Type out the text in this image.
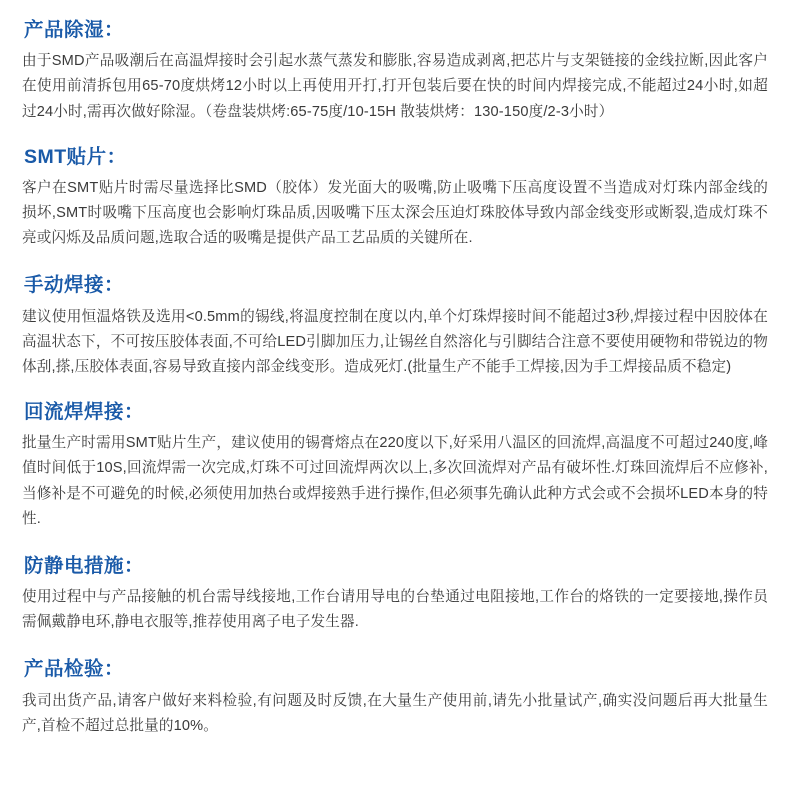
产品除湿：

由于SMD产品吸潮后在高温焊接时会引起水蒸气蒸发和膨胀,容易造成剥离,把芯片与支架链接的金线拉断,因此客户在使用前清拆包用65-70度烘烤12小时以上再使用开打,打开包装后要在快的时间内焊接完成,不能超过24小时,如超过24小时,需再次做好除湿。（卷盘装烘烤:65-75度/10-15H 散装烘烤：130-150度/2-3小时）

SMT贴片：

客户在SMT贴片时需尽量选择比SMD（胶体）发光面大的吸嘴,防止吸嘴下压高度设置不当造成对灯珠内部金线的损坏,SMT时吸嘴下压高度也会影响灯珠品质,因吸嘴下压太深会压迫灯珠胶体导致内部金线变形或断裂,造成灯珠不亮或闪烁及品质问题,选取合适的吸嘴是提供产品工艺品质的关键所在.

手动焊接：

建议使用恒温烙铁及选用<0.5mm的锡线,将温度控制在度以内,单个灯珠焊接时间不能超过3秒,焊接过程中因胶体在高温状态下，不可按压胶体表面,不可给LED引脚加压力,让锡丝自然溶化与引脚结合注意不要使用硬物和带锐边的物体刮,搽,压胶体表面,容易导致直接内部金线变形。造成死灯.(批量生产不能手工焊接,因为手工焊接品质不稳定)

回流焊焊接：

批量生产时需用SMT贴片生产，建议使用的锡膏熔点在220度以下,好采用八温区的回流焊,高温度不可超过240度,峰值时间低于10S,回流焊需一次完成,灯珠不可过回流焊两次以上,多次回流焊对产品有破坏性.灯珠回流焊后不应修补,当修补是不可避免的时候,必须使用加热台或焊接熟手进行操作,但必须事先确认此种方式会或不会损坏LED本身的特性.

防静电措施：

使用过程中与产品接触的机台需导线接地,工作台请用导电的台垫通过电阻接地,工作台的烙铁的一定要接地,操作员需佩戴静电环,静电衣服等,推荐使用离子电子发生器.

产品检验：

我司出货产品,请客户做好来料检验,有问题及时反馈,在大量生产使用前,请先小批量试产,确实没问题后再大批量生产,首检不超过总批量的10%。
